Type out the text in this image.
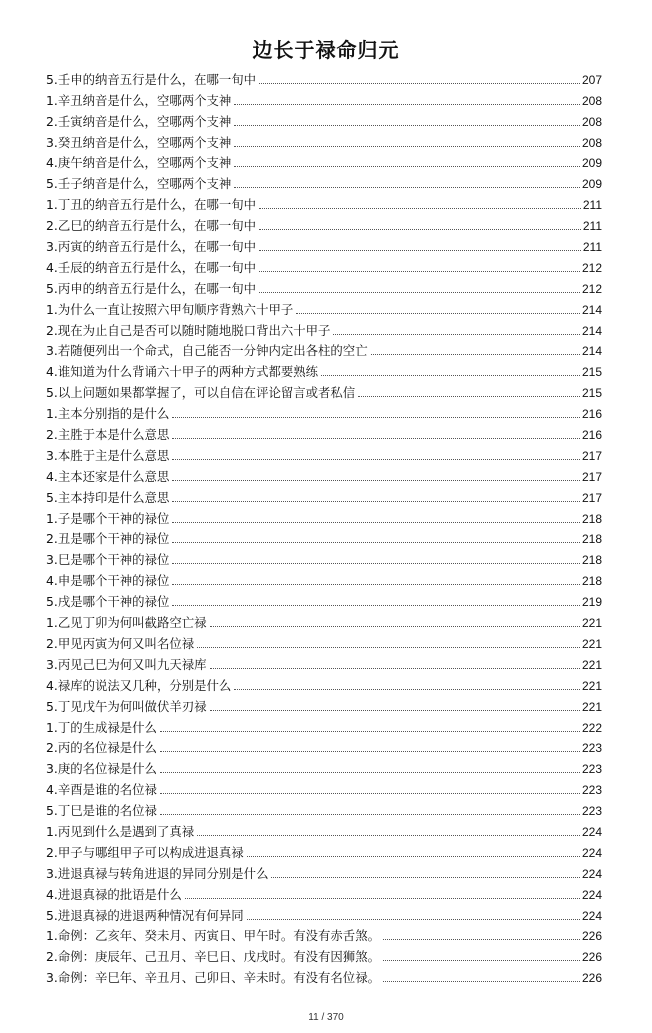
边长于禄命归元
5.壬申的纳音五行是什么，在哪一旬中	207
1.辛丑纳音是什么，空哪两个支神	208
2.壬寅纳音是什么，空哪两个支神	208
3.癸丑纳音是什么，空哪两个支神	208
4.庚午纳音是什么，空哪两个支神	209
5.壬子纳音是什么，空哪两个支神	209
1.丁丑的纳音五行是什么，在哪一旬中	211
2.乙巳的纳音五行是什么，在哪一旬中	211
3.丙寅的纳音五行是什么，在哪一旬中	211
4.壬辰的纳音五行是什么，在哪一旬中	212
5.丙申的纳音五行是什么，在哪一旬中	212
1.为什么一直让按照六甲旬顺序背熟六十甲子	214
2.现在为止自己是否可以随时随地脱口背出六十甲子	214
3.若随便列出一个命式，自己能否一分钟内定出各柱的空亡	214
4.谁知道为什么背诵六十甲子的两种方式都要熟练	215
5.以上问题如果都掌握了，可以自信在评论留言或者私信	215
1.主本分别指的是什么	216
2.主胜于本是什么意思	216
3.本胜于主是什么意思	217
4.主本还家是什么意思	217
5.主本持印是什么意思	217
1.子是哪个干神的禄位	218
2.丑是哪个干神的禄位	218
3.巳是哪个干神的禄位	218
4.申是哪个干神的禄位	218
5.戌是哪个干神的禄位	219
1.乙见丁卯为何叫截路空亡禄	221
2.甲见丙寅为何又叫名位禄	221
3.丙见己巳为何又叫九天禄库	221
4.禄库的说法又几种，分别是什么	221
5.丁见戊午为何叫做伏羊刃禄	221
1.丁的生成禄是什么	222
2.丙的名位禄是什么	223
3.庚的名位禄是什么	223
4.辛酉是谁的名位禄	223
5.丁巳是谁的名位禄	223
1.丙见到什么是遇到了真禄	224
2.甲子与哪组甲子可以构成进退真禄	224
3.进退真禄与转角进退的异同分别是什么	224
4.进退真禄的批语是什么	224
5.进退真禄的进退两种情况有何异同	224
1.命例：乙亥年、癸未月、丙寅日、甲午时。有没有赤舌煞。	226
2.命例：庚辰年、己丑月、辛巳日、戊戌时。有没有因狮煞。	226
3.命例：辛巳年、辛丑月、己卯日、辛未时。有没有名位禄。	226
11 / 370
